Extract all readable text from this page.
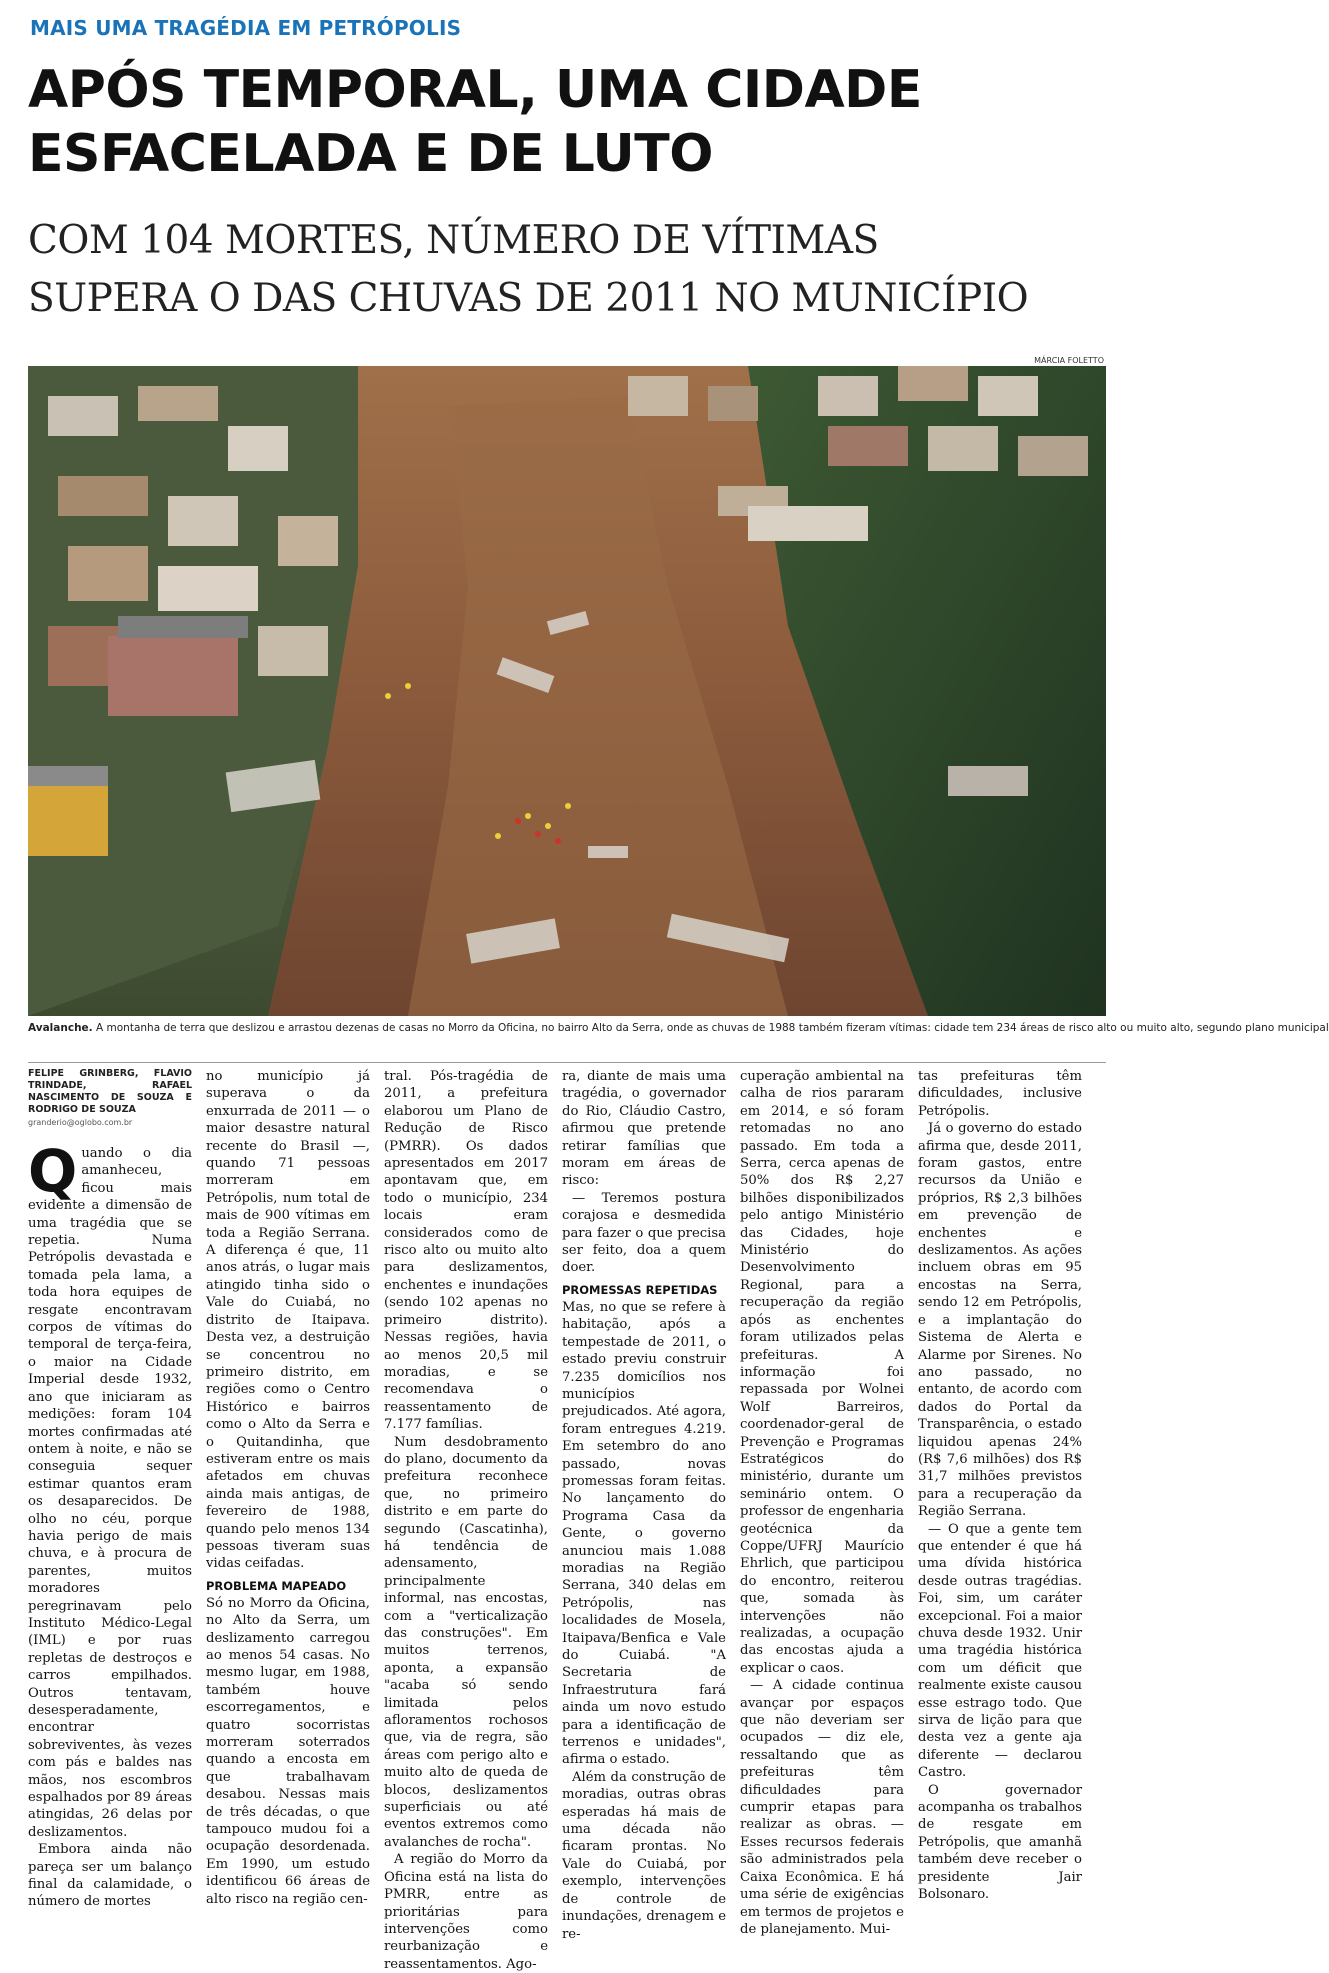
MAIS UMA TRAGÉDIA EM PETRÓPOLIS
APÓS TEMPORAL, UMA CIDADE
ESFACELADA E DE LUTO
COM 104 MORTES, NÚMERO DE VÍTIMAS
SUPERA O DAS CHUVAS DE 2011 NO MUNICÍPIO
MÁRCIA FOLETTO
Avalanche. A montanha de terra que deslizou e arrastou dezenas de casas no Morro da Oficina, no bairro Alto da Serra, onde as chuvas de 1988 também fizeram vítimas: cidade tem 234 áreas de risco alto ou muito alto, segundo plano municipal
FELIPE GRINBERG, FLAVIO TRINDADE, RAFAEL NASCIMENTO DE SOUZA E RODRIGO DE SOUZA
granderio@oglobo.com.br

Quando o dia amanheceu, ficou mais evidente a dimensão de uma tragédia que se repetia. Numa Petrópolis devastada e tomada pela lama, a toda hora equipes de resgate encontravam corpos de vítimas do temporal de terça-feira, o maior na Cidade Imperial desde 1932, ano que iniciaram as medições: foram 104 mortes confirmadas até ontem à noite, e não se conseguia sequer estimar quantos eram os desaparecidos. De olho no céu, porque havia perigo de mais chuva, e à procura de parentes, muitos moradores peregrinavam pelo Instituto Médico-Legal (IML) e por ruas repletas de destroços e carros empilhados. Outros tentavam, desesperadamente, encontrar sobreviventes, às vezes com pás e baldes nas mãos, nos escombros espalhados por 89 áreas atingidas, 26 delas por deslizamentos.

Embora ainda não pareça ser um balanço final da calamidade, o número de mortes

no município já superava o da enxurrada de 2011 — o maior desastre natural recente do Brasil —, quando 71 pessoas morreram em Petrópolis, num total de mais de 900 vítimas em toda a Região Serrana. A diferença é que, 11 anos atrás, o lugar mais atingido tinha sido o Vale do Cuiabá, no distrito de Itaipava. Desta vez, a destruição se concentrou no primeiro distrito, em regiões como o Centro Histórico e bairros como o Alto da Serra e o Quitandinha, que estiveram entre os mais afetados em chuvas ainda mais antigas, de fevereiro de 1988, quando pelo menos 134 pessoas tiveram suas vidas ceifadas.

PROBLEMA MAPEADO

Só no Morro da Oficina, no Alto da Serra, um deslizamento carregou ao menos 54 casas. No mesmo lugar, em 1988, também houve escorregamentos, e quatro socorristas morreram soterrados quando a encosta em que trabalhavam desabou. Nessas mais de três décadas, o que tampouco mudou foi a ocupação desordenada. Em 1990, um estudo identificou 66 áreas de alto risco na região cen-

tral. Pós-tragédia de 2011, a prefeitura elaborou um Plano de Redução de Risco (PMRR). Os dados apresentados em 2017 apontavam que, em todo o município, 234 locais eram considerados como de risco alto ou muito alto para deslizamentos, enchentes e inundações (sendo 102 apenas no primeiro distrito). Nessas regiões, havia ao menos 20,5 mil moradias, e se recomendava o reassentamento de 7.177 famílias.

Num desdobramento do plano, documento da prefeitura reconhece que, no primeiro distrito e em parte do segundo (Cascatinha), há tendência de adensamento, principalmente informal, nas encostas, com a "verticalização das construções". Em muitos terrenos, aponta, a expansão "acaba só sendo limitada pelos afloramentos rochosos que, via de regra, são áreas com perigo alto e muito alto de queda de blocos, deslizamentos superficiais ou até eventos extremos como avalanches de rocha".

A região do Morro da Oficina está na lista do PMRR, entre as prioritárias para intervenções como reurbanização e reassentamentos. Ago-

ra, diante de mais uma tragédia, o governador do Rio, Cláudio Castro, afirmou que pretende retirar famílias que moram em áreas de risco:

— Teremos postura corajosa e desmedida para fazer o que precisa ser feito, doa a quem doer.

PROMESSAS REPETIDAS

Mas, no que se refere à habitação, após a tempestade de 2011, o estado previu construir 7.235 domicílios nos municípios prejudicados. Até agora, foram entregues 4.219. Em setembro do ano passado, novas promessas foram feitas. No lançamento do Programa Casa da Gente, o governo anunciou mais 1.088 moradias na Região Serrana, 340 delas em Petrópolis, nas localidades de Mosela, Itaipava/Benfica e Vale do Cuiabá. "A Secretaria de Infraestrutura fará ainda um novo estudo para a identificação de terrenos e unidades", afirma o estado.

Além da construção de moradias, outras obras esperadas há mais de uma década não ficaram prontas. No Vale do Cuiabá, por exemplo, intervenções de controle de inundações, drenagem e re-

cuperação ambiental na calha de rios pararam em 2014, e só foram retomadas no ano passado. Em toda a Serra, cerca apenas de 50% dos R$ 2,27 bilhões disponibilizados pelo antigo Ministério das Cidades, hoje Ministério do Desenvolvimento Regional, para a recuperação da região após as enchentes foram utilizados pelas prefeituras. A informação foi repassada por Wolnei Wolf Barreiros, coordenador-geral de Prevenção e Programas Estratégicos do ministério, durante um seminário ontem. O professor de engenharia geotécnica da Coppe/UFRJ Maurício Ehrlich, que participou do encontro, reiterou que, somada às intervenções não realizadas, a ocupação das encostas ajuda a explicar o caos.

— A cidade continua avançar por espaços que não deveriam ser ocupados — diz ele, ressaltando que as prefeituras têm dificuldades para cumprir etapas para realizar as obras. — Esses recursos federais são administrados pela Caixa Econômica. E há uma série de exigências em termos de projetos e de planejamento. Mui-

tas prefeituras têm dificuldades, inclusive Petrópolis.

Já o governo do estado afirma que, desde 2011, foram gastos, entre recursos da União e próprios, R$ 2,3 bilhões em prevenção de enchentes e deslizamentos. As ações incluem obras em 95 encostas na Serra, sendo 12 em Petrópolis, e a implantação do Sistema de Alerta e Alarme por Sirenes. No ano passado, no entanto, de acordo com dados do Portal da Transparência, o estado liquidou apenas 24% (R$ 7,6 milhões) dos R$ 31,7 milhões previstos para a recuperação da Região Serrana.

— O que a gente tem que entender é que há uma dívida histórica desde outras tragédias. Foi, sim, um caráter excepcional. Foi a maior chuva desde 1932. Unir uma tragédia histórica com um déficit que realmente existe causou esse estrago todo. Que sirva de lição para que desta vez a gente aja diferente — declarou Castro.

O governador acompanha os trabalhos de resgate em Petrópolis, que amanhã também deve receber o presidente Jair Bolsonaro.
